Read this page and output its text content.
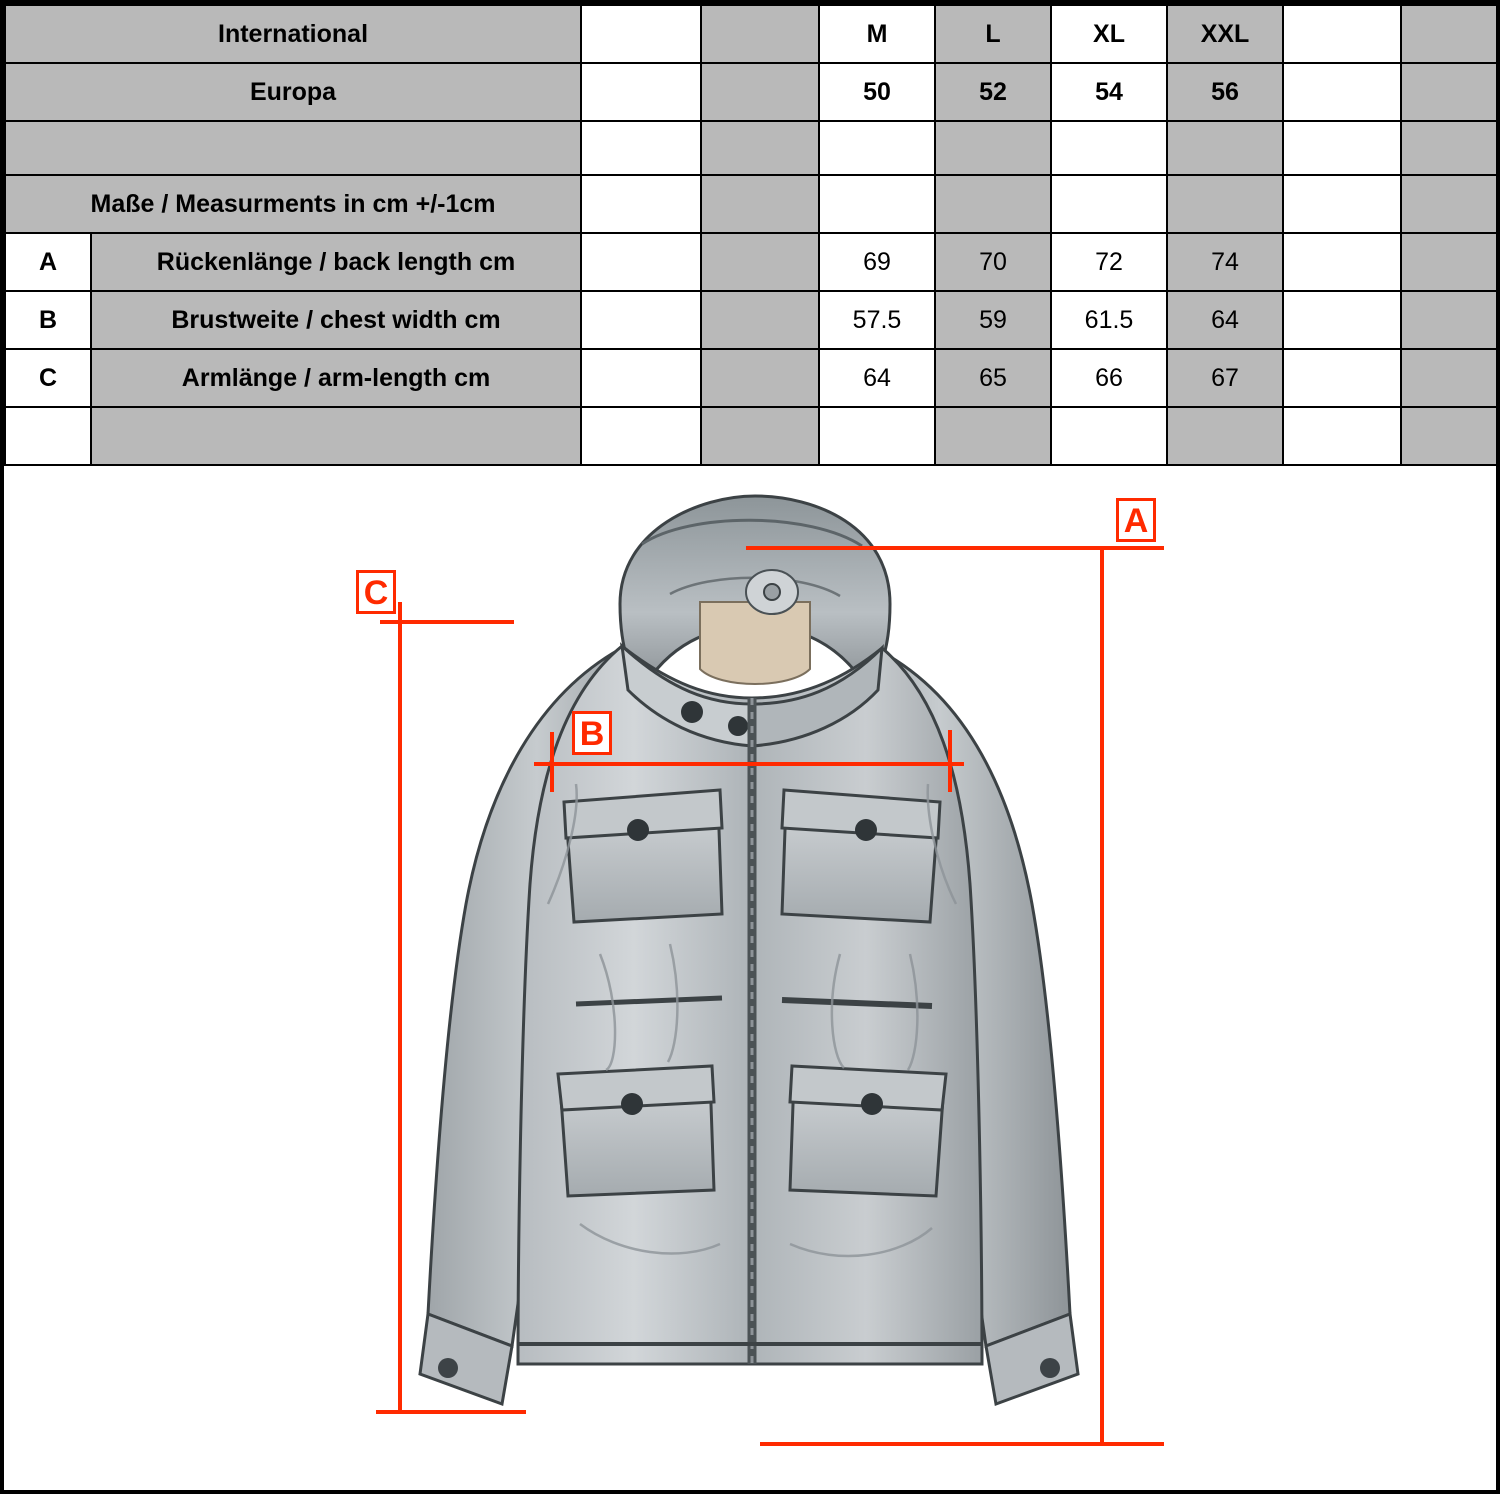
International				M	L	XL	XXL		
Europa				50	52	54	56		

Maße / Measurments in cm +/-1cm									
A	Rückenlänge / back length cm			69	70	72	74		
B	Brustweite / chest width cm			57.5	59	61.5	64		
C	Armlänge / arm-length cm			64	65	66	67		

A
C
B
